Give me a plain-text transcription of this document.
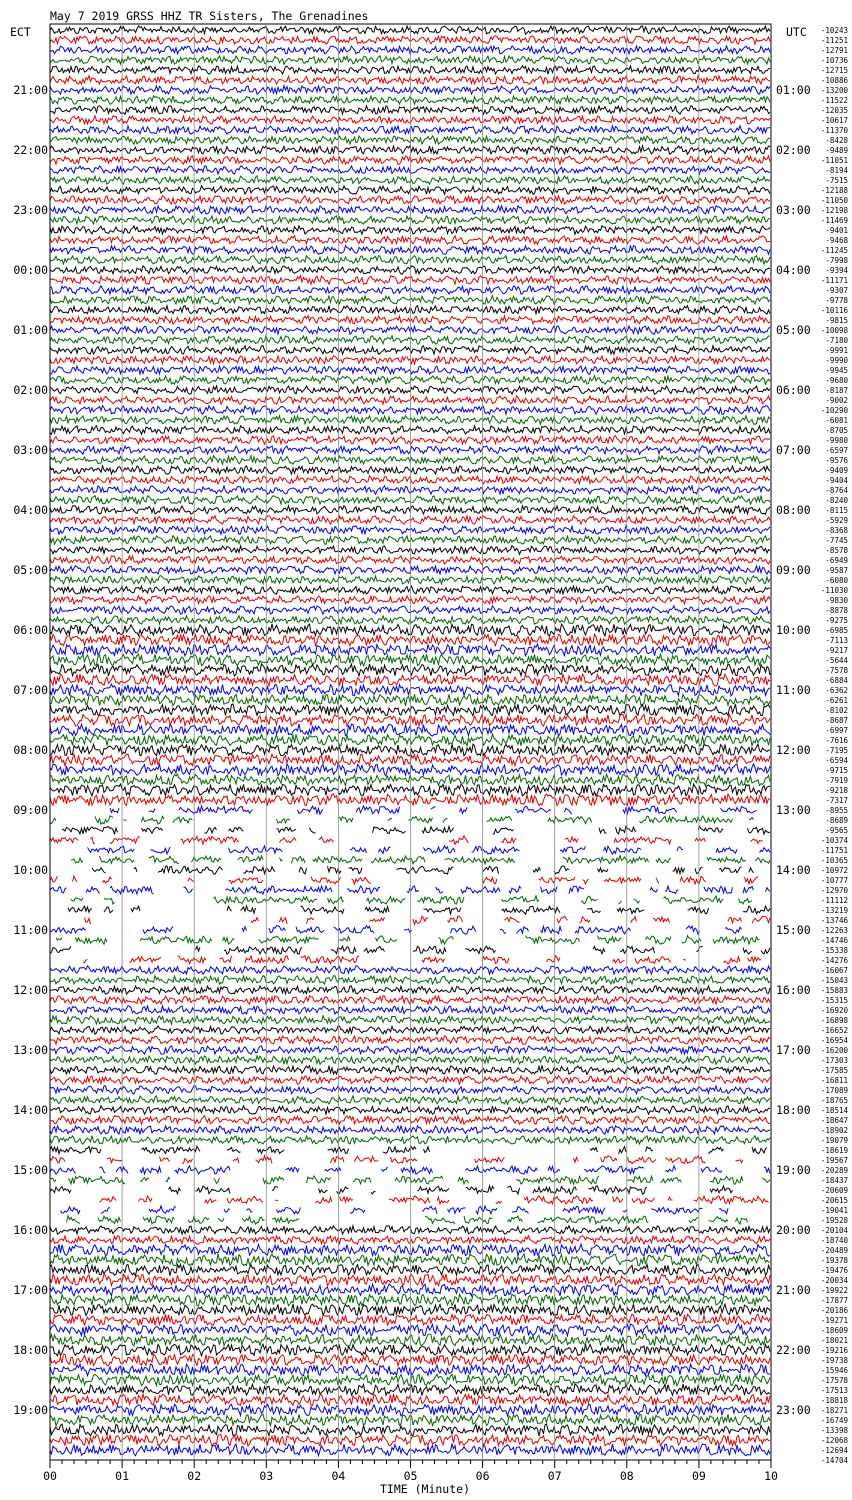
May 7 2019 GRSS HHZ TR Sisters, The Grenadines
ECT	UTC
TIME (Minute)
00	01	02	03	04	05	06	07	08	09	10
21:00
22:00
23:00
00:00
01:00
02:00
03:00
04:00
05:00
06:00
07:00
08:00
09:00
10:00
11:00
12:00
13:00
14:00
15:00
16:00
17:00
18:00
19:00
01:00
02:00
03:00
04:00
05:00
06:00
07:00
08:00
09:00
10:00
11:00
12:00
13:00
14:00
15:00
16:00
17:00
18:00
19:00
20:00
21:00
22:00
23:00
-10243
-11251
-12791
-10736
-12715
-10886
-13200
-11522
-12035
-10617
-11370
-8428
-9489
-11051
-8194
-7515
-12188
-11050
-12198
-11469
-9401
-9468
-11245
-7998
-9394
-11171
-9307
-9778
-10116
-9815
-10098
-7180
-9991
-9990
-9945
-9680
-8187
-9002
-10290
-6081
-8705
-9980
-6597
-9576
-9409
-9404
-8764
-8240
-8115
-5929
-8368
-7745
-8578
-6949
-9587
-6080
-11030
-9830
-8878
-9275
-6985
-7113
-9217
-5644
-7578
-6884
-6362
-6261
-8102
-8687
-6997
-7616
-7195
-6594
-9715
-7919
-9218
-7317
-8955
-8689
-9565
-10374
-11751
-10365
-10972
-10777
-12970
-11112
-13219
-13746
-12263
-14746
-15338
-14276
-16067
-15043
-15883
-15315
-16920
-16898
-16652
-16954
-16200
-17303
-17585
-16811
-17089
-18765
-18514
-18647
-18902
-19079
-18619
-19567
-20289
-18437
-20609
-20615
-19041
-19528
-20104
-18740
-20489
-19378
-19476
-20034
-19922
-17877
-20186
-19271
-18609
-18021
-19216
-19738
-15946
-17578
-17513
-18818
-18271
-16749
-13398
-12068
-12694
-14704
